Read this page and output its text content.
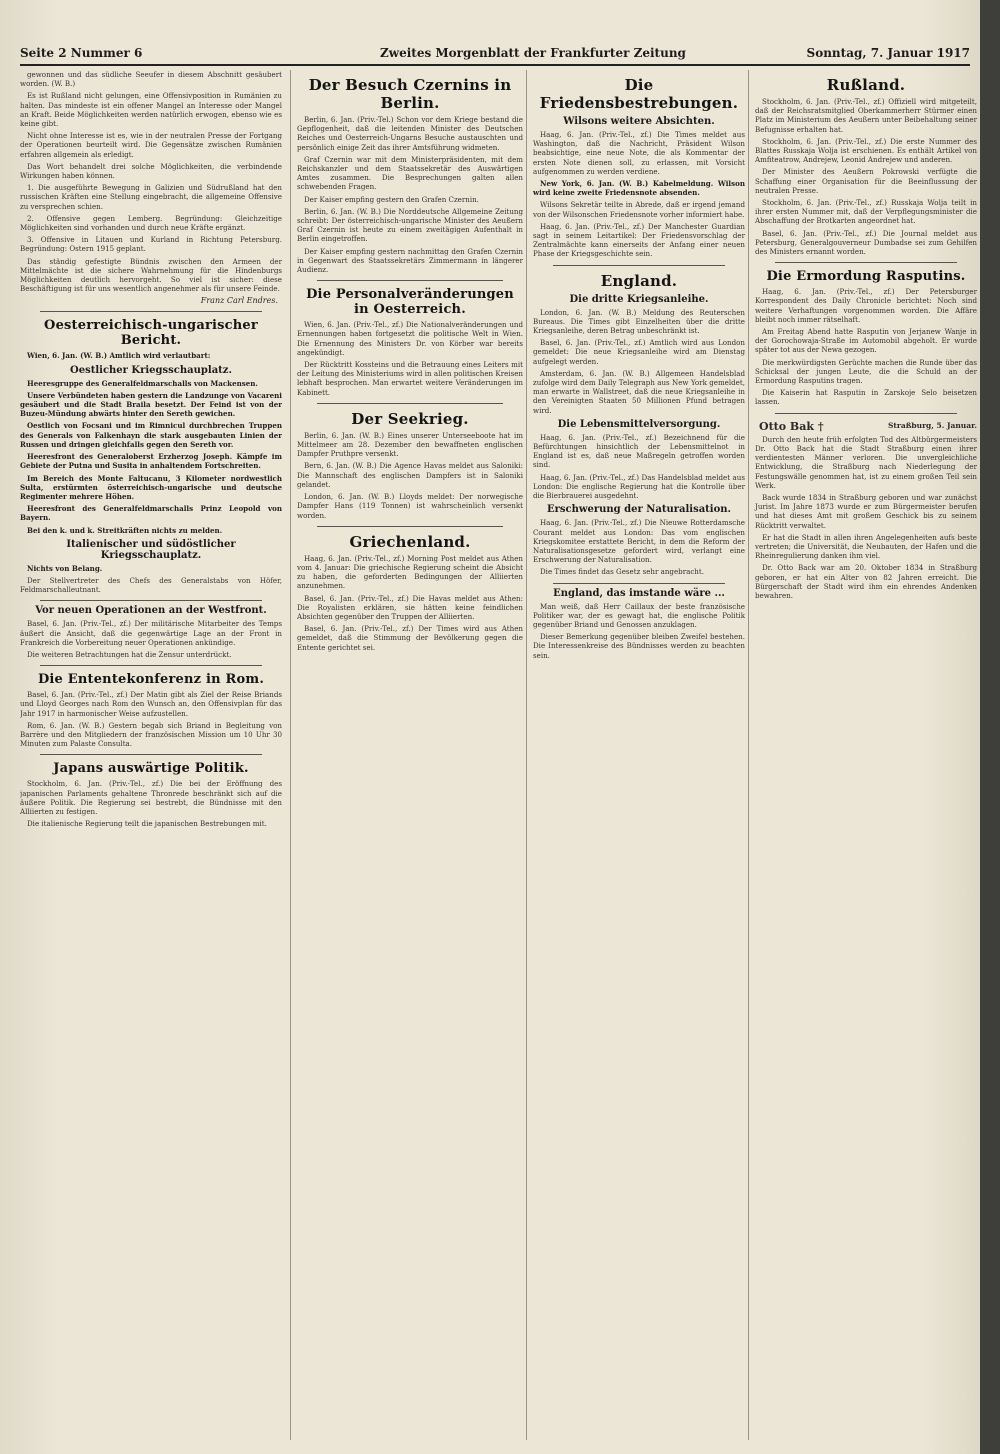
Seite 2 Nummer 6	Zweites Morgenblatt der Frankfurter Zeitung	Sonntag, 7. Januar 1917

gewonnen und das südliche Seeufer in diesem Abschnitt gesäubert worden. (W. B.)

Es ist Rußland nicht gelungen, eine Offensivposition in Rumänien zu halten. Das mindeste ist ein offener Mangel an Interesse oder Mangel an Kraft. Beide Möglichkeiten werden natürlich erwogen, ebenso wie es keine gibt.

Nicht ohne Interesse ist es, wie in der neutralen Presse der Fortgang der Operationen beurteilt wird. Die Gegensätze zwischen Rumänien erfahren allgemein als erledigt.

Das Wort behandelt drei solche Möglichkeiten, die verbindende Wirkungen haben können.

1. Die ausgeführte Bewegung in Galizien und Südrußland hat den russischen Kräften eine Stellung eingebracht, die allgemeine Offensive zu versprechen schien.

2. Offensive gegen Lemberg. Begründung: Gleichzeitige Möglichkeiten sind vorhanden und durch neue Kräfte ergänzt.

3. Offensive in Litauen und Kurland in Richtung Petersburg. Begründung: Ostern 1915 geplant.

Das ständig gefestigte Bündnis zwischen den Armeen der Mittelmächte ist die sichere Wahrnehmung für die Hindenburgs Möglichkeiten deutlich hervorgeht. So viel ist sicher: diese Beschäftigung ist für uns wesentlich angenehmer als für unsere Feinde.

Franz Carl Endres.
Oesterreichisch-ungarischer Bericht.

Wien, 6. Jan. (W. B.) Amtlich wird verlautbart:

Oestlicher Kriegsschauplatz.

Heeresgruppe des Generalfeldmarschalls von Mackensen.

Unsere Verbündeten haben gestern die Landzunge von Vacareni gesäubert und die Stadt Braila besetzt. Der Feind ist von der Buzeu-Mündung abwärts hinter den Sereth gewichen.

Oestlich von Focsani und im Rimnicul durchbrechen Truppen des Generals von Falkenhayn die stark ausgebauten Linien der Russen und dringen gleichfalls gegen den Sereth vor.

Heeresfront des Generaloberst Erzherzog Joseph. Kämpfe im Gebiete der Putna und Susita in anhaltendem Fortschreiten.

Im Bereich des Monte Faltucanu, 3 Kilometer nordwestlich Sulta, erstürmten österreichisch-ungarische und deutsche Regimenter mehrere Höhen.

Heeresfront des Generalfeldmarschalls Prinz Leopold von Bayern.

Bei den k. und k. Streitkräften nichts zu melden.

Italienischer und südöstlicher Kriegsschauplatz.

Nichts von Belang.

Der Stellvertreter des Chefs des Generalstabs von Höfer, Feldmarschalleutnant.

Vor neuen Operationen an der Westfront.

Basel, 6. Jan. (Priv.-Tel., zf.) Der militärische Mitarbeiter des Temps äußert die Ansicht, daß die gegenwärtige Lage an der Front in Frankreich die Vorbereitung neuer Operationen ankündige.

Die weiteren Betrachtungen hat die Zensur unterdrückt.

Die Ententekonferenz in Rom.

Basel, 6. Jan. (Priv.-Tel., zf.) Der Matin gibt als Ziel der Reise Briands und Lloyd Georges nach Rom den Wunsch an, den Offensivplan für das Jahr 1917 in harmonischer Weise aufzustellen.

Rom, 6. Jan. (W. B.) Gestern begab sich Briand in Begleitung von Barrère und den Mitgliedern der französischen Mission um 10 Uhr 30 Minuten zum Palaste Consulta.

Japans auswärtige Politik.

Stockholm, 6. Jan. (Priv.-Tel., zf.) Die bei der Eröffnung des japanischen Parlaments gehaltene Thronrede beschränkt sich auf die äußere Politik. Die Regierung sei bestrebt, die Bündnisse mit den Alliierten zu festigen.

Die italienische Regierung teilt die japanischen Bestrebungen mit.

Der Besuch Czernins in Berlin.

Berlin, 6. Jan. (Priv.-Tel.) Schon vor dem Kriege bestand die Gepflogenheit, daß die leitenden Minister des Deutschen Reiches und Oesterreich-Ungarns Besuche austauschten und persönlich einige Zeit das ihrer Amtsführung widmeten.

Graf Czernin war mit dem Ministerpräsidenten, mit dem Reichskanzler und dem Staatssekretär des Auswärtigen Amtes zusammen. Die Besprechungen galten allen schwebenden Fragen.

Der Kaiser empfing gestern den Grafen Czernin.

Berlin, 6. Jan. (W. B.) Die Norddeutsche Allgemeine Zeitung schreibt: Der österreichisch-ungarische Minister des Aeußern Graf Czernin ist heute zu einem zweitägigen Aufenthalt in Berlin eingetroffen.

Der Kaiser empfing gestern nachmittag den Grafen Czernin in Gegenwart des Staatssekretärs Zimmermann in längerer Audienz.

Die Personalveränderungen in Oesterreich.

Wien, 6. Jan. (Priv.-Tel., zf.) Die Nationalveränderungen und Ernennungen haben fortgesetzt die politische Welt in Wien. Die Ernennung des Ministers Dr. von Körber war bereits angekündigt.

Der Rücktritt Kossteins und die Betrauung eines Leiters mit der Leitung des Ministeriums wird in allen politischen Kreisen lebhaft besprochen. Man erwartet weitere Veränderungen im Kabinett.

Der Seekrieg.

Berlin, 6. Jan. (W. B.) Eines unserer Unterseeboote hat im Mittelmeer am 28. Dezember den bewaffneten englischen Dampfer Pruthpre versenkt.

Bern, 6. Jan. (W. B.) Die Agence Havas meldet aus Saloniki: Die Mannschaft des englischen Dampfers ist in Saloniki gelandet.

London, 6. Jan. (W. B.) Lloyds meldet: Der norwegische Dampfer Hans (119 Tonnen) ist wahrscheinlich versenkt worden.

Griechenland.

Haag, 6. Jan. (Priv.-Tel., zf.) Morning Post meldet aus Athen vom 4. Januar: Die griechische Regierung scheint die Absicht zu haben, die geforderten Bedingungen der Alliierten anzunehmen.

Basel, 6. Jan. (Priv.-Tel., zf.) Die Havas meldet aus Athen: Die Royalisten erklären, sie hätten keine feindlichen Absichten gegenüber den Truppen der Alliierten.

Basel, 6. Jan. (Priv.-Tel., zf.) Der Times wird aus Athen gemeldet, daß die Stimmung der Bevölkerung gegen die Entente gerichtet sei.

Die Friedensbestrebungen.
Wilsons weitere Absichten.

Haag, 6. Jan. (Priv.-Tel., zf.) Die Times meldet aus Washington, daß die Nachricht, Präsident Wilson beabsichtige, eine neue Note, die als Kommentar der ersten Note dienen soll, zu erlassen, mit Vorsicht aufgenommen zu werden verdiene.

New York, 6. Jan. (W. B.) Kabelmeldung. Wilson wird keine zweite Friedensnote absenden.

Wilsons Sekretär teilte in Abrede, daß er irgend jemand von der Wilsonschen Friedensnote vorher informiert habe.

Haag, 6. Jan. (Priv.-Tel., zf.) Der Manchester Guardian sagt in seinem Leitartikel: Der Friedensvorschlag der Zentralmächte kann einerseits der Anfang einer neuen Phase der Kriegsgeschichte sein.

England.
Die dritte Kriegsanleihe.

London, 6. Jan. (W. B.) Meldung des Reuterschen Bureaus. Die Times gibt Einzelheiten über die dritte Kriegsanleihe, deren Betrag unbeschränkt ist.

Basel, 6. Jan. (Priv.-Tel., zf.) Amtlich wird aus London gemeldet: Die neue Kriegsanleihe wird am Dienstag aufgelegt werden.

Amsterdam, 6. Jan. (W. B.) Allgemeen Handelsblad zufolge wird dem Daily Telegraph aus New York gemeldet, man erwarte in Wallstreet, daß die neue Kriegsanleihe in den Vereinigten Staaten 50 Millionen Pfund betragen wird.

Die Lebensmittelversorgung.

Haag, 6. Jan. (Priv.-Tel., zf.) Bezeichnend für die Befürchtungen hinsichtlich der Lebensmittelnot in England ist es, daß neue Maßregeln getroffen worden sind.

Haag, 6. Jan. (Priv.-Tel., zf.) Das Handelsblad meldet aus London: Die englische Regierung hat die Kontrolle über die Bierbrauerei ausgedehnt.

Erschwerung der Naturalisation.

Haag, 6. Jan. (Priv.-Tel., zf.) Die Nieuwe Rotterdamsche Courant meldet aus London: Das vom englischen Kriegskomitee erstattete Bericht, in dem die Reform der Naturalisationsgesetze gefordert wird, verlangt eine Erschwerung der Naturalisation.

Die Times findet das Gesetz sehr angebracht.

England, das imstande wäre ...

Man weiß, daß Herr Caillaux der beste französische Politiker war, der es gewagt hat, die englische Politik gegenüber Briand und Genossen anzuklagen.

Dieser Bemerkung gegenüber bleiben Zweifel bestehen. Die Interessenkreise des Bündnisses werden zu beachten sein.

Rußland.

Stockholm, 6. Jan. (Priv.-Tel., zf.) Offiziell wird mitgeteilt, daß der Reichsratsmitglied Oberkammerherr Stürmer einen Platz im Ministerium des Aeußern unter Beibehaltung seiner Befugnisse erhalten hat.

Stockholm, 6. Jan. (Priv.-Tel., zf.) Die erste Nummer des Blattes Russkaja Wolja ist erschienen. Es enthält Artikel von Amfiteatrow, Andrejew, Leonid Andrejew und anderen.

Der Minister des Aeußern Pokrowski verfügte die Schaffung einer Organisation für die Beeinflussung der neutralen Presse.

Stockholm, 6. Jan. (Priv.-Tel., zf.) Russkaja Wolja teilt in ihrer ersten Nummer mit, daß der Verpflegungsminister die Abschaffung der Brotkarten angeordnet hat.

Basel, 6. Jan. (Priv.-Tel., zf.) Die Journal meldet aus Petersburg, Generalgouverneur Dumbadse sei zum Gehilfen des Ministers ernannt worden.

Die Ermordung Rasputins.

Haag, 6. Jan. (Priv.-Tel., zf.) Der Petersburger Korrespondent des Daily Chronicle berichtet: Noch sind weitere Verhaftungen vorgenommen worden. Die Affäre bleibt noch immer rätselhaft.

Am Freitag Abend hatte Rasputin von Jerjanew Wanje in der Gorochowaja-Straße im Automobil abgeholt. Er wurde später tot aus der Newa gezogen.

Die merkwürdigsten Gerüchte machen die Runde über das Schicksal der jungen Leute, die die Schuld an der Ermordung Rasputins tragen.

Die Kaiserin hat Rasputin in Zarskoje Selo beisetzen lassen.

Otto Bak †	Straßburg, 5. Januar.

Durch den heute früh erfolgten Tod des Altbürgermeisters Dr. Otto Back hat die Stadt Straßburg einen ihrer verdientesten Männer verloren. Die unvergleichliche Entwicklung, die Straßburg nach Niederlegung der Festungswälle genommen hat, ist zu einem großen Teil sein Werk.

Back wurde 1834 in Straßburg geboren und war zunächst Jurist. Im Jahre 1873 wurde er zum Bürgermeister berufen und hat dieses Amt mit großem Geschick bis zu seinem Rücktritt verwaltet.

Er hat die Stadt in allen ihren Angelegenheiten aufs beste vertreten; die Universität, die Neubauten, der Hafen und die Rheinregulierung danken ihm viel.

Dr. Otto Back war am 20. Oktober 1834 in Straßburg geboren, er hat ein Alter von 82 Jahren erreicht. Die Bürgerschaft der Stadt wird ihm ein ehrendes Andenken bewahren.
